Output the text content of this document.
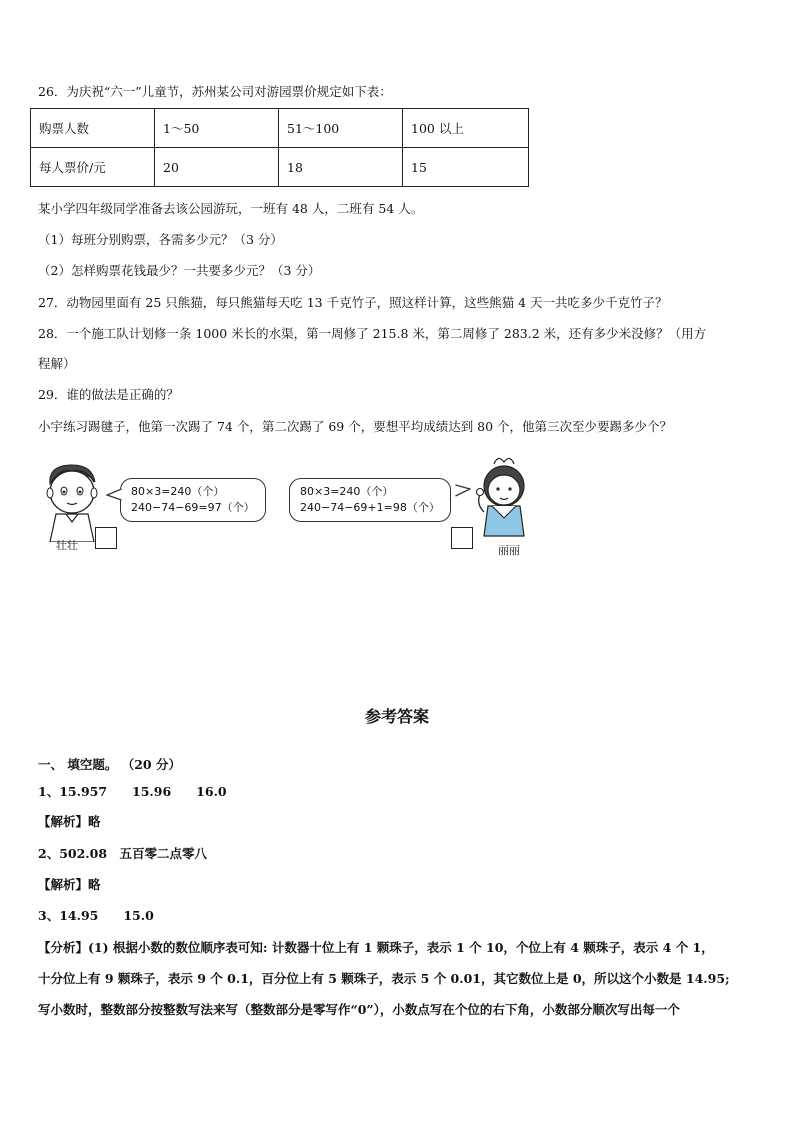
26．为庆祝“六一”儿童节，苏州某公司对游园票价规定如下表：
购票人数	1～50	51～100	100 以上
每人票价/元	20	18	15
某小学四年级同学准备去该公园游玩，一班有 48 人，二班有 54 人。
（1）每班分别购票，各需多少元？（3 分）
（2）怎样购票花钱最少？一共要多少元？（3 分）
27．动物园里面有 25 只熊猫，每只熊猫每天吃 13 千克竹子，照这样计算，这些熊猫 4 天一共吃多少千克竹子？
28．一个施工队计划修一条 1000 米长的水渠，第一周修了 215.8 米，第二周修了 283.2 米，还有多少米没修？（用方
程解）
29．谁的做法是正确的？
小宇练习踢毽子，他第一次踢了 74 个，第二次踢了 69 个，要想平均成绩达到 80 个，他第三次至少要踢多少个？
壮壮
80×3=240（个）
240−74−69=97（个）
80×3=240（个）
240−74−69+1=98（个）
丽丽
参考答案
一、 填空题。 （20 分）
1、15.957　　15.96　　16.0
【解析】略
2、502.08　五百零二点零八
【解析】略
3、14.95　　15.0
【分析】(1) 根据小数的数位顺序表可知: 计数器十位上有 1 颗珠子，表示 1 个 10，个位上有 4 颗珠子，表示 4 个 1，
十分位上有 9 颗珠子，表示 9 个 0.1，百分位上有 5 颗珠子，表示 5 个 0.01，其它数位上是 0，所以这个小数是 14.95;
写小数时，整数部分按整数写法来写（整数部分是零写作“0”），小数点写在个位的右下角，小数部分顺次写出每一个
